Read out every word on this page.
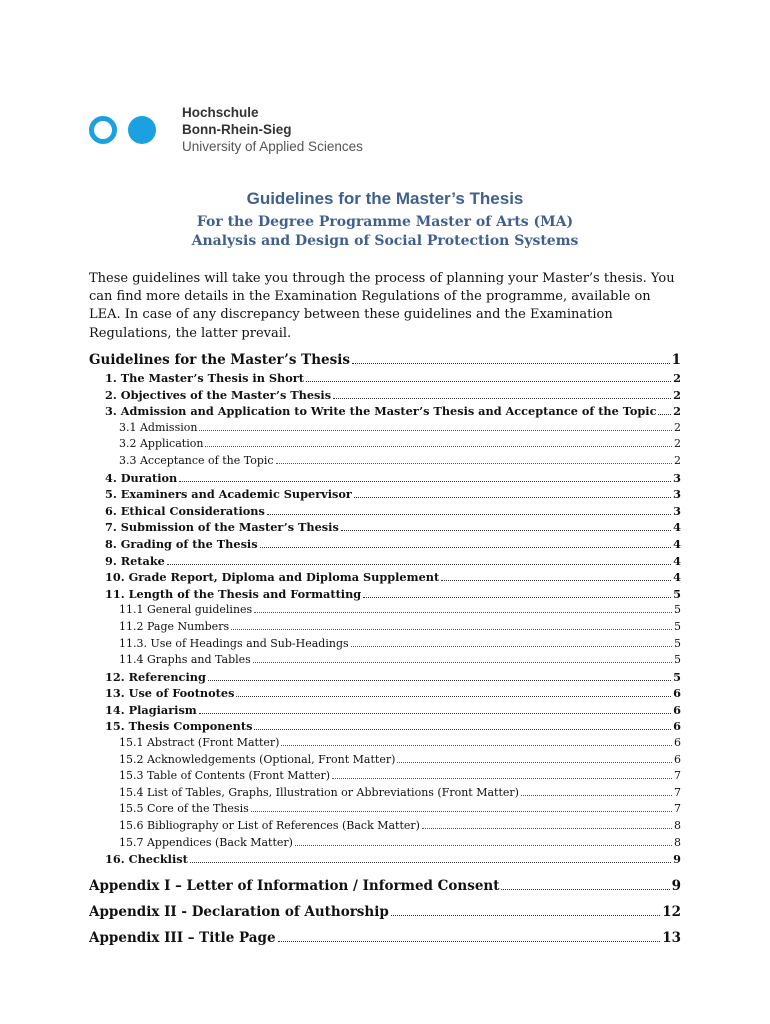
Hochschule
Bonn-Rhein-Sieg
University of Applied Sciences
Guidelines for the Master’s Thesis
For the Degree Programme Master of Arts (MA)
Analysis and Design of Social Protection Systems
These guidelines will take you through the process of planning your Master’s thesis. You can find more details in the Examination Regulations of the programme, available on LEA. In case of any discrepancy between these guidelines and the Examination Regulations, the latter prevail.
Guidelines for the Master’s Thesis	1
1. The Master’s Thesis in Short	2
2. Objectives of the Master’s Thesis	2
3. Admission and Application to Write the Master’s Thesis and Acceptance of the Topic 2
3.1 Admission	2
3.2 Application	2
3.3 Acceptance of the Topic	2
4. Duration	3
5. Examiners and Academic Supervisor	3
6. Ethical Considerations	3
7. Submission of the Master’s Thesis	4
8. Grading of the Thesis	4
9. Retake	4
10. Grade Report, Diploma and Diploma Supplement	4
11. Length of the Thesis and Formatting	5
11.1 General guidelines	5
11.2 Page Numbers	5
11.3. Use of Headings and Sub-Headings	5
11.4 Graphs and Tables	5
12. Referencing	5
13. Use of Footnotes	6
14. Plagiarism	6
15. Thesis Components	6
15.1 Abstract (Front Matter)	6
15.2 Acknowledgements (Optional, Front Matter)	6
15.3 Table of Contents (Front Matter)	7
15.4 List of Tables, Graphs, Illustration or Abbreviations (Front Matter)	7
15.5 Core of the Thesis	7
15.6 Bibliography or List of References (Back Matter)	8
15.7 Appendices (Back Matter)	8
16. Checklist	9
Appendix I – Letter of Information / Informed Consent	9
Appendix II - Declaration of Authorship	12
Appendix III – Title Page	13
